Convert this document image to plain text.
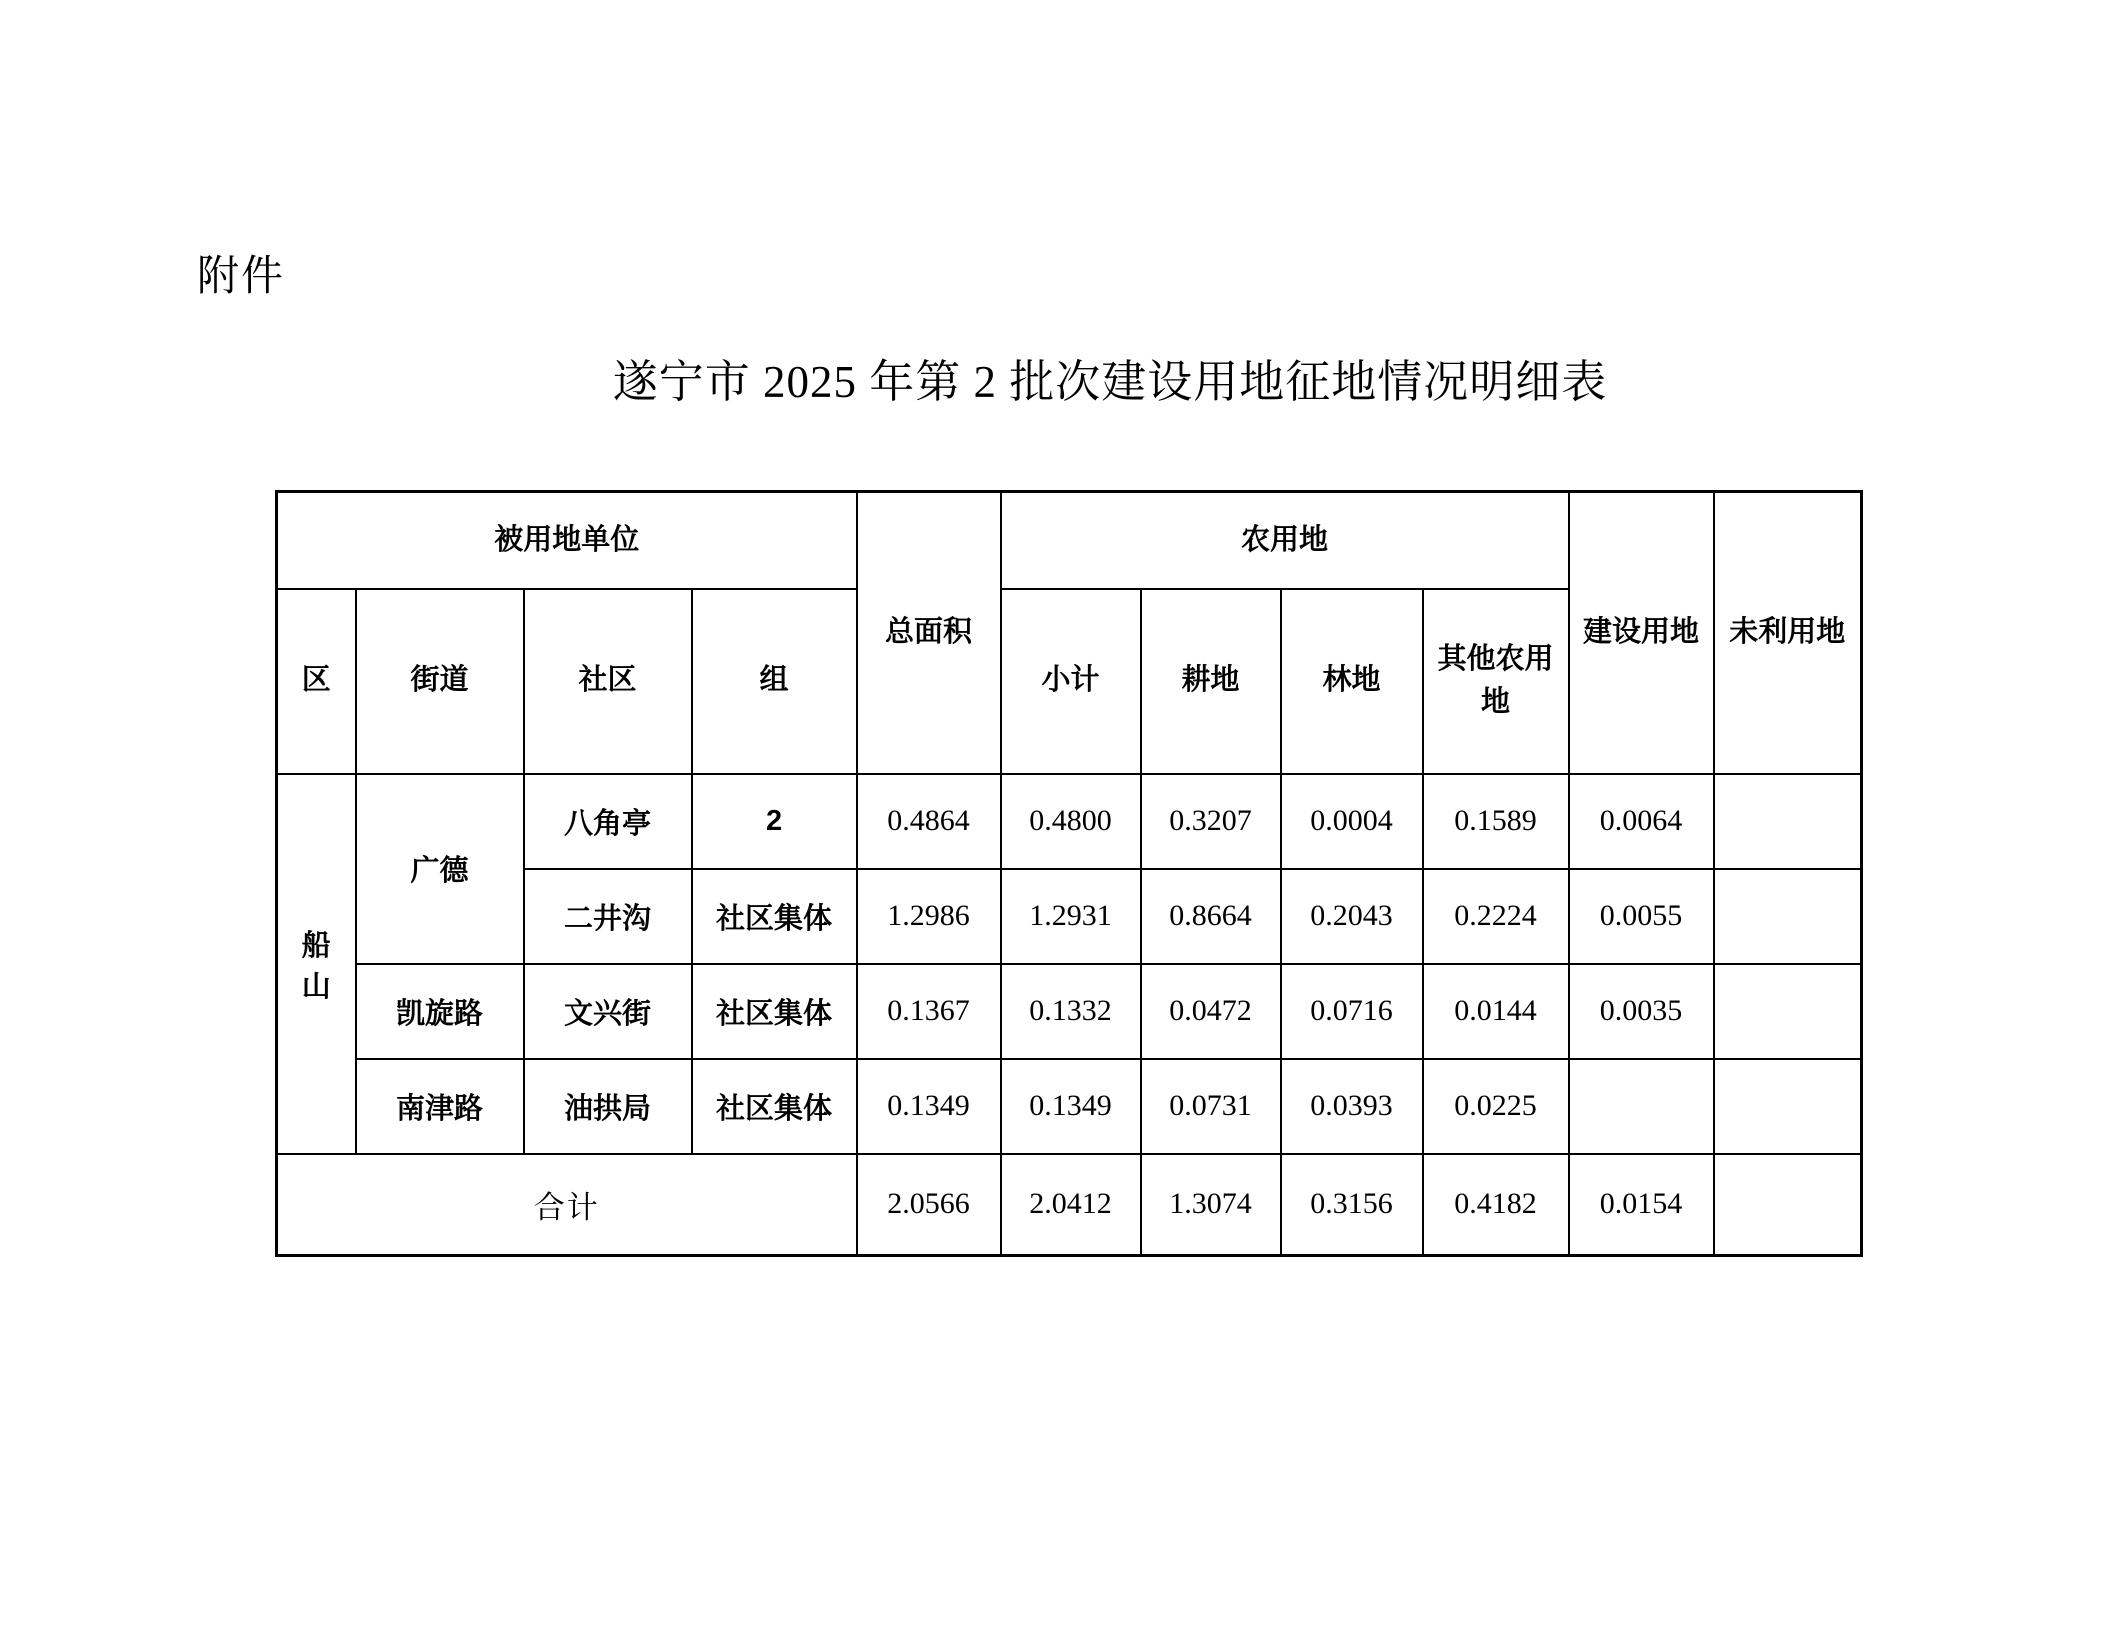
附件
遂宁市 2025 年第 2 批次建设用地征地情况明细表
被用地单位				总面积	农用地				建设用地	未利用地
区	街道	社区	组		小计	耕地	林地	其他农用地		
船山	广德	八角亭	2	0.4864	0.4800	0.3207	0.0004	0.1589	0.0064	
		二井沟	社区集体	1.2986	1.2931	0.8664	0.2043	0.2224	0.0055	
	凯旋路	文兴街	社区集体	0.1367	0.1332	0.0472	0.0716	0.0144	0.0035	
	南津路	油拱局	社区集体	0.1349	0.1349	0.0731	0.0393	0.0225		
合计				2.0566	2.0412	1.3074	0.3156	0.4182	0.0154	
